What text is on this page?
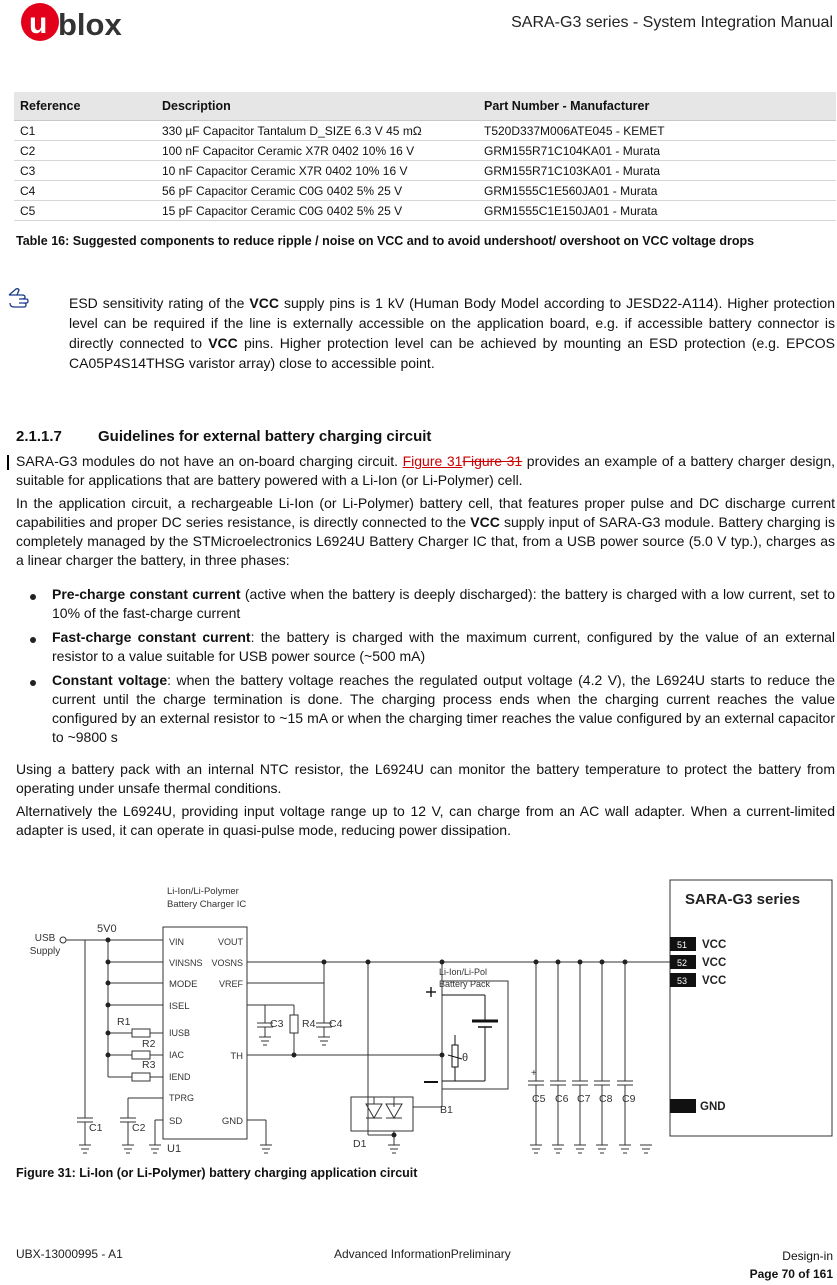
u blox	SARA-G3 series - System Integration Manual
Reference	Description	Part Number - Manufacturer
C1	330 µF Capacitor Tantalum D_SIZE 6.3 V 45 mΩ	T520D337M006ATE045 - KEMET
C2	100 nF Capacitor Ceramic X7R 0402 10% 16 V	GRM155R71C104KA01 - Murata
C3	10 nF Capacitor Ceramic X7R 0402 10% 16 V	GRM155R71C103KA01 - Murata
C4	56 pF Capacitor Ceramic C0G 0402 5% 25 V	GRM1555C1E560JA01 - Murata
C5	15 pF Capacitor Ceramic C0G 0402 5% 25 V	GRM1555C1E150JA01 - Murata
Table 16: Suggested components to reduce ripple / noise on VCC and to avoid undershoot/ overshoot on VCC voltage drops
ESD sensitivity rating of the VCC supply pins is 1 kV (Human Body Model according to JESD22-A114). Higher protection level can be required if the line is externally accessible on the application board, e.g. if accessible battery connector is directly connected to VCC pins. Higher protection level can be achieved by mounting an ESD protection (e.g. EPCOS CA05P4S14THSG varistor array) close to accessible point.
2.1.1.7 Guidelines for external battery charging circuit
SARA-G3 modules do not have an on-board charging circuit. Figure 31Figure 31 provides an example of a battery charger design, suitable for applications that are battery powered with a Li-Ion (or Li-Polymer) cell.
In the application circuit, a rechargeable Li-Ion (or Li-Polymer) battery cell, that features proper pulse and DC discharge current capabilities and proper DC series resistance, is directly connected to the VCC supply input of SARA-G3 module. Battery charging is completely managed by the STMicroelectronics L6924U Battery Charger IC that, from a USB power source (5.0 V typ.), charges as a linear charger the battery, in three phases:
Pre-charge constant current (active when the battery is deeply discharged): the battery is charged with a low current, set to 10% of the fast-charge current
Fast-charge constant current: the battery is charged with the maximum current, configured by the value of an external resistor to a value suitable for USB power source (~500 mA)
Constant voltage: when the battery voltage reaches the regulated output voltage (4.2 V), the L6924U starts to reduce the current until the charge termination is done. The charging process ends when the charging current reaches the value configured by an external resistor to ~15 mA or when the charging timer reaches the value configured by an external capacitor to ~9800 s
Using a battery pack with an internal NTC resistor, the L6924U can monitor the battery temperature to protect the battery from operating under unsafe thermal conditions.
Alternatively the L6924U, providing input voltage range up to 12 V, can charge from an AC wall adapter. When a current-limited adapter is used, it can operate in quasi-pulse mode, reducing power dissipation.
USB
Supply
5V0
Li-Ion/Li-Polymer
Battery Charger IC
U1
VIN
VINSNS
MODE
ISEL
IUSB
IAC
IEND
TPRG
SD
VOUT
VOSNS
VREF
TH
GND
R1
R2
R3
R4
C1	C2
C3	C4
C5 C6 C7 C8 C9
+
Li-Ion/Li-Pol
Battery Pack
B1
θ
D1
SARA-G3 series
51
52
53
VCC
VCC
VCC
GND
Figure 31: Li-Ion (or Li-Polymer) battery charging application circuit
UBX-13000995 - A1	Advanced InformationPreliminary	Design-in
Page 70 of 161
